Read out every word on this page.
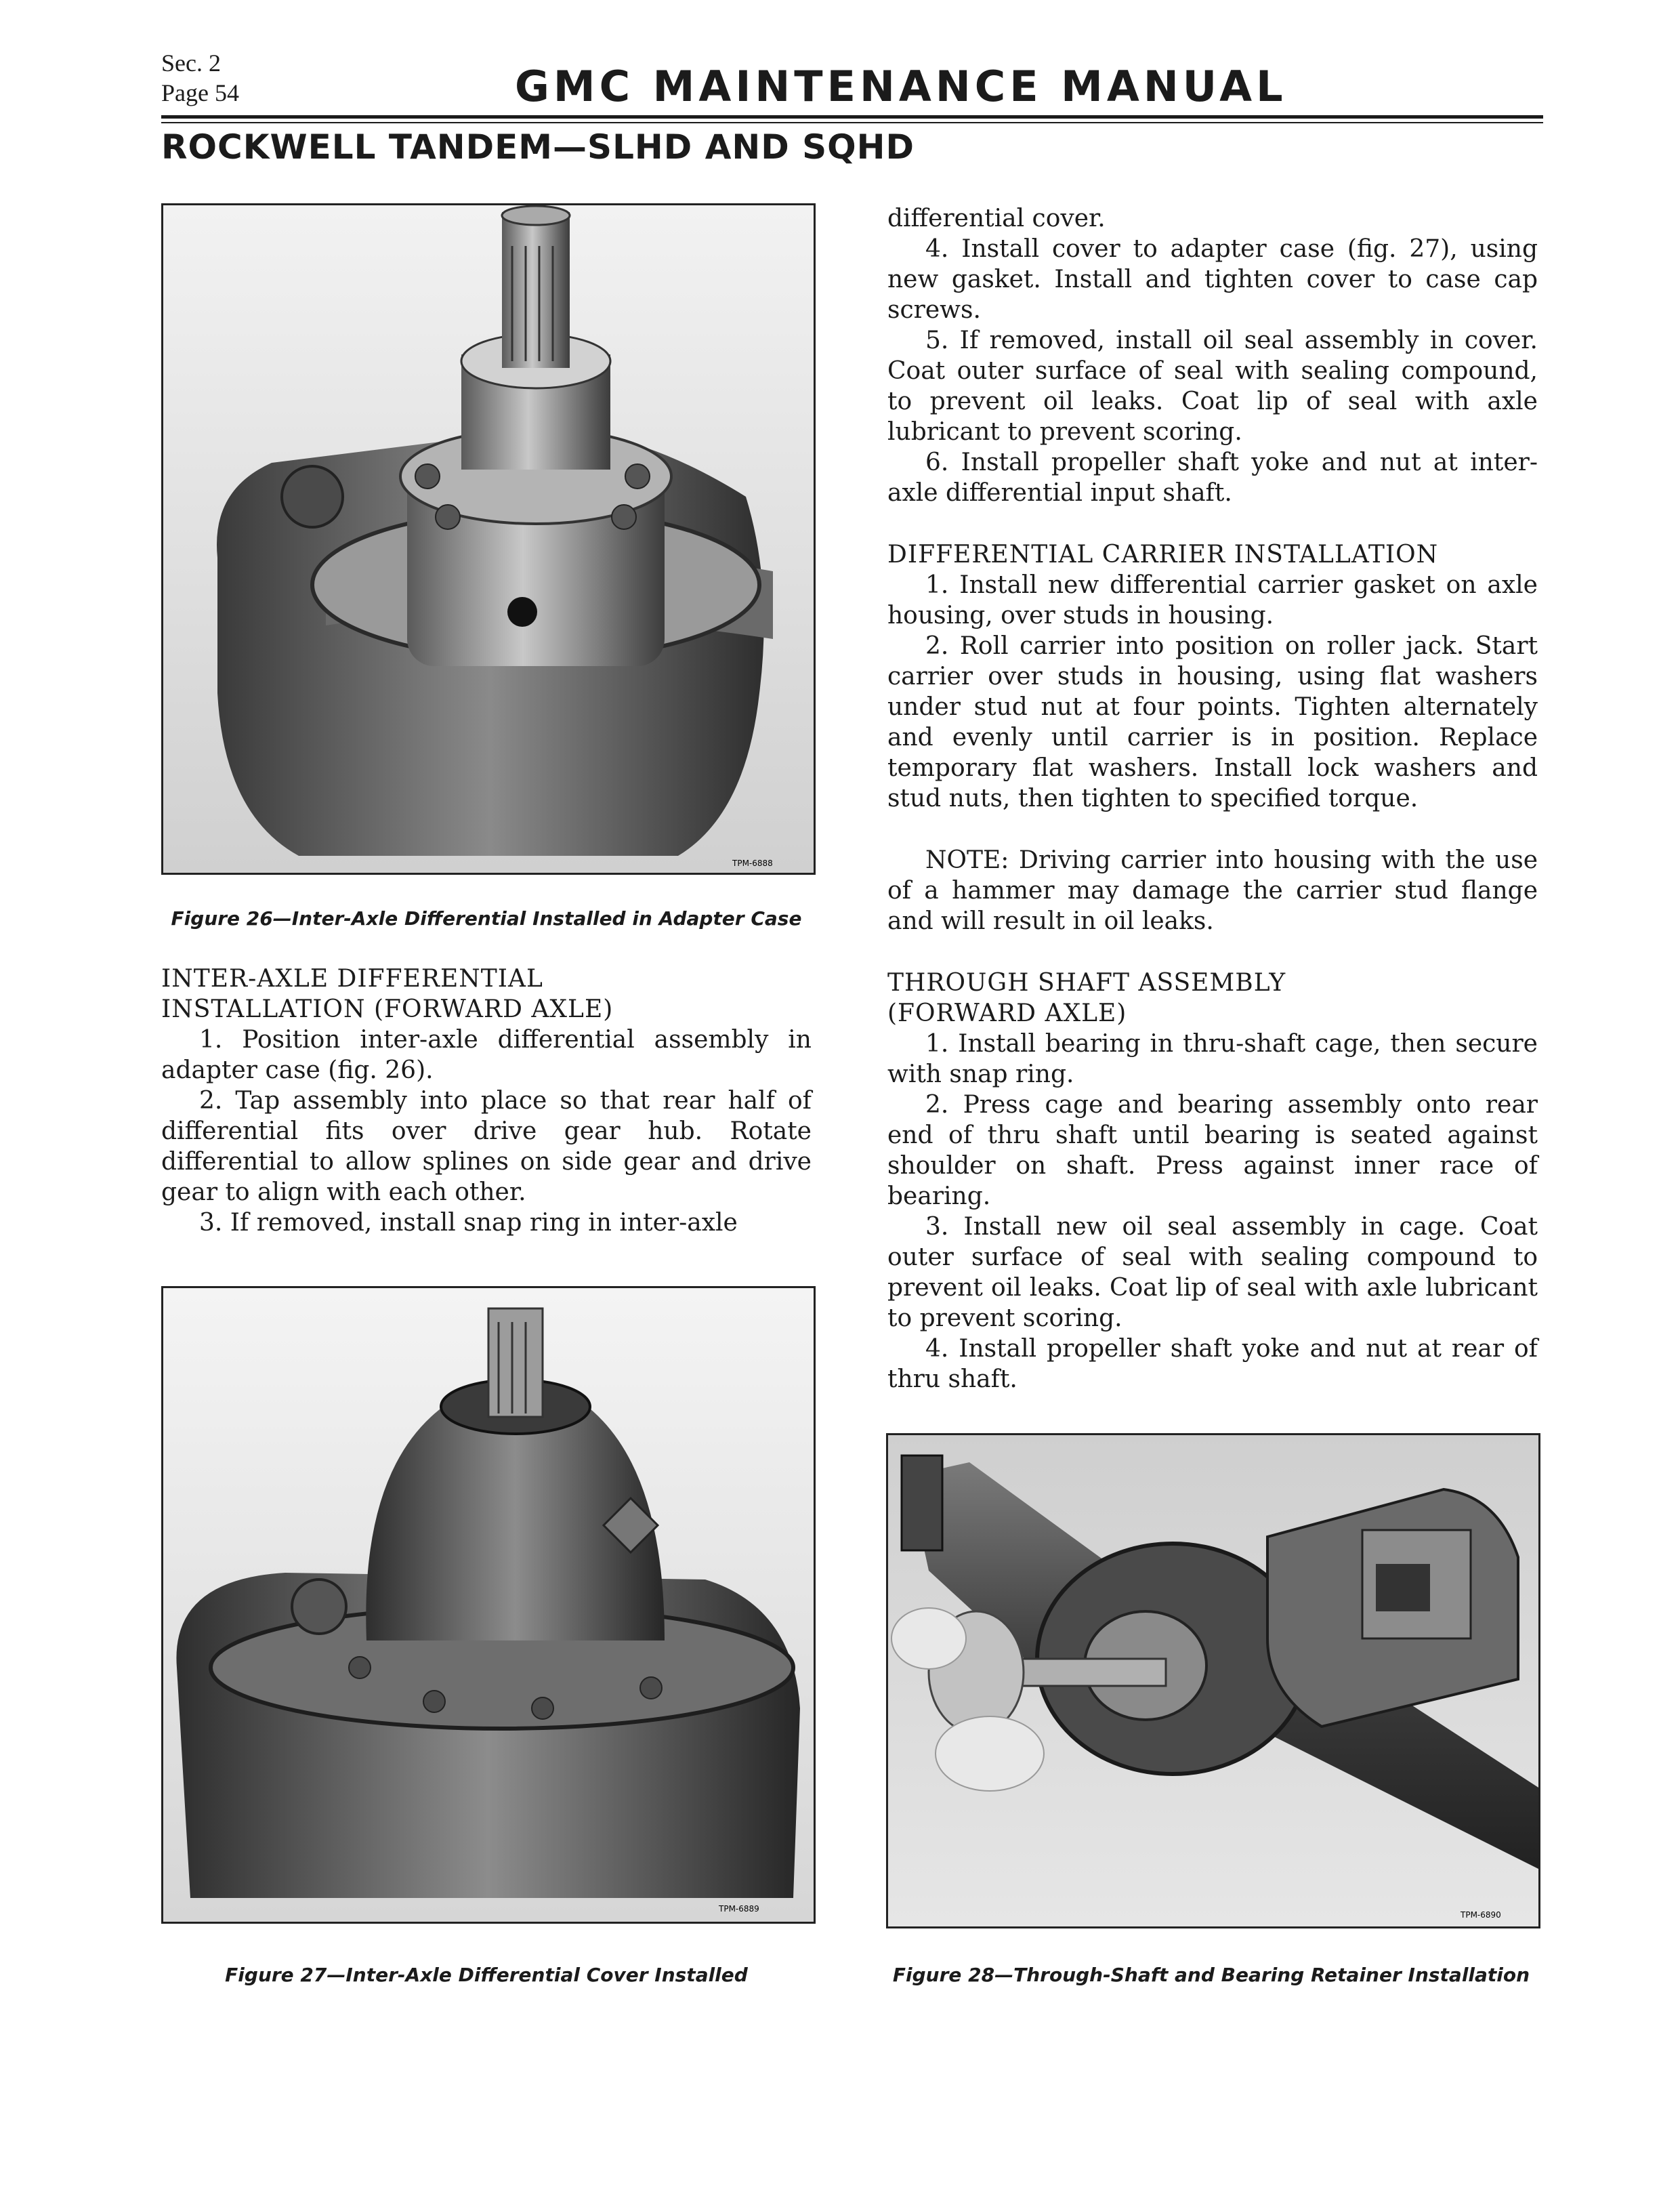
Sec. 2
Page 54	GMC MAINTENANCE MANUAL
ROCKWELL TANDEM—SLHD AND SQHD
TPM-6888
Figure 26—Inter-Axle Differential Installed in Adapter Case

INTER-AXLE DIFFERENTIAL

INSTALLATION (FORWARD AXLE)

1. Position inter-axle differential assembly in adapter case (fig. 26).

2. Tap assembly into place so that rear half of differential fits over drive gear hub. Rotate differential to allow splines on side gear and drive gear to align with each other.

3. If removed, install snap ring in inter-axle

TPM-6889
Figure 27—Inter-Axle Differential Cover Installed

differential cover.

4. Install cover to adapter case (fig. 27), using new gasket. Install and tighten cover to case cap screws.

5. If removed, install oil seal assembly in cover. Coat outer surface of seal with sealing compound, to prevent oil leaks. Coat lip of seal with axle lubricant to prevent scoring.

6. Install propeller shaft yoke and nut at inter-axle differential input shaft.

DIFFERENTIAL CARRIER INSTALLATION

1. Install new differential carrier gasket on axle housing, over studs in housing.

2. Roll carrier into position on roller jack. Start carrier over studs in housing, using flat washers under stud nut at four points. Tighten alternately and evenly until carrier is in position. Replace temporary flat washers. Install lock washers and stud nuts, then tighten to specified torque.

NOTE: Driving carrier into housing with the use of a hammer may damage the carrier stud flange and will result in oil leaks.

THROUGH SHAFT ASSEMBLY

(FORWARD AXLE)

1. Install bearing in thru-shaft cage, then secure with snap ring.

2. Press cage and bearing assembly onto rear end of thru shaft until bearing is seated against shoulder on shaft. Press against inner race of bearing.

3. Install new oil seal assembly in cage. Coat outer surface of seal with sealing compound to prevent oil leaks. Coat lip of seal with axle lubricant to prevent scoring.

4. Install propeller shaft yoke and nut at rear of thru shaft.

TPM-6890
Figure 28—Through-Shaft and Bearing Retainer Installation
